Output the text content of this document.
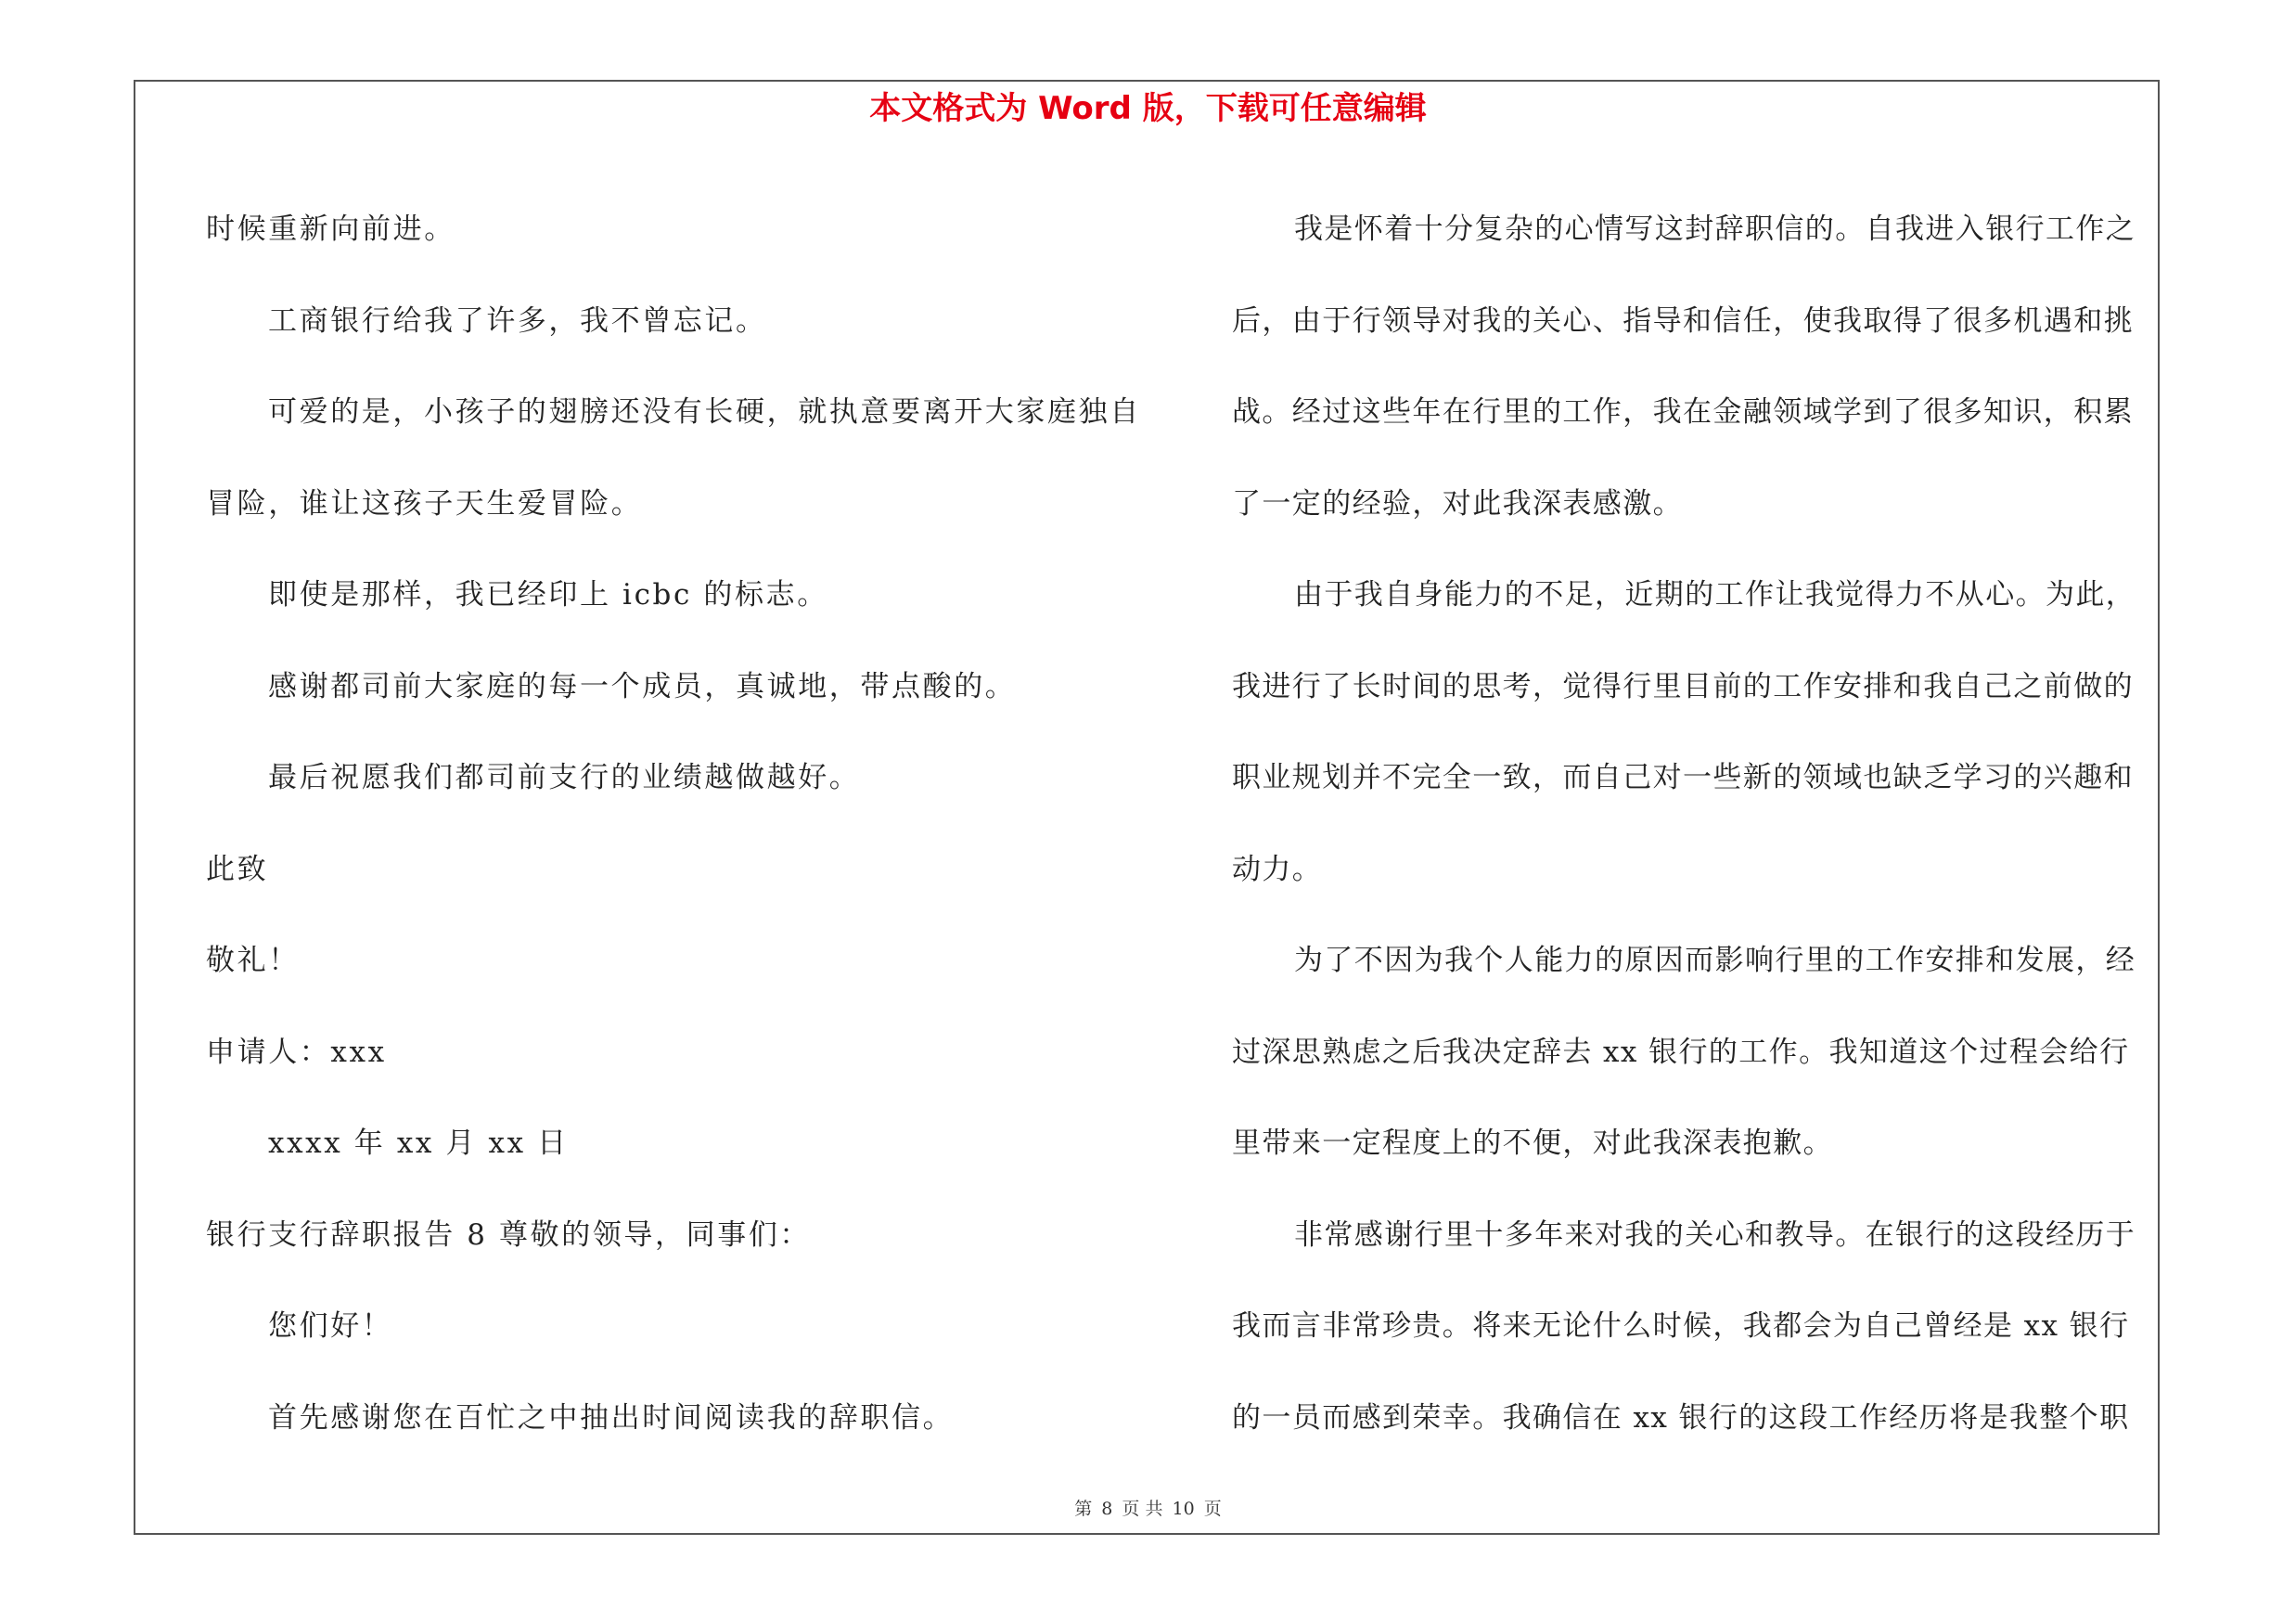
本文格式为 Word 版，下载可任意编辑

时候重新向前进。

工商银行给我了许多，我不曾忘记。

可爱的是，小孩子的翅膀还没有长硬，就执意要离开大家庭独自

冒险，谁让这孩子天生爱冒险。

即使是那样，我已经印上 icbc 的标志。

感谢都司前大家庭的每一个成员，真诚地，带点酸的。

最后祝愿我们都司前支行的业绩越做越好。

此致

敬礼！

申请人：xxx

xxxx 年 xx 月 xx 日

银行支行辞职报告 8 尊敬的领导，同事们：

您们好！

首先感谢您在百忙之中抽出时间阅读我的辞职信。

我是怀着十分复杂的心情写这封辞职信的。自我进入银行工作之后，由于行领导对我的关心、指导和信任，使我取得了很多机遇和挑战。经过这些年在行里的工作，我在金融领域学到了很多知识，积累了一定的经验，对此我深表感激。

由于我自身能力的不足，近期的工作让我觉得力不从心。为此，我进行了长时间的思考，觉得行里目前的工作安排和我自己之前做的职业规划并不完全一致，而自己对一些新的领域也缺乏学习的兴趣和动力。

为了不因为我个人能力的原因而影响行里的工作安排和发展，经过深思熟虑之后我决定辞去 xx 银行的工作。我知道这个过程会给行里带来一定程度上的不便，对此我深表抱歉。

非常感谢行里十多年来对我的关心和教导。在银行的这段经历于我而言非常珍贵。将来无论什么时候，我都会为自己曾经是 xx 银行的一员而感到荣幸。我确信在 xx 银行的这段工作经历将是我整个职

第 8 页 共 10 页
